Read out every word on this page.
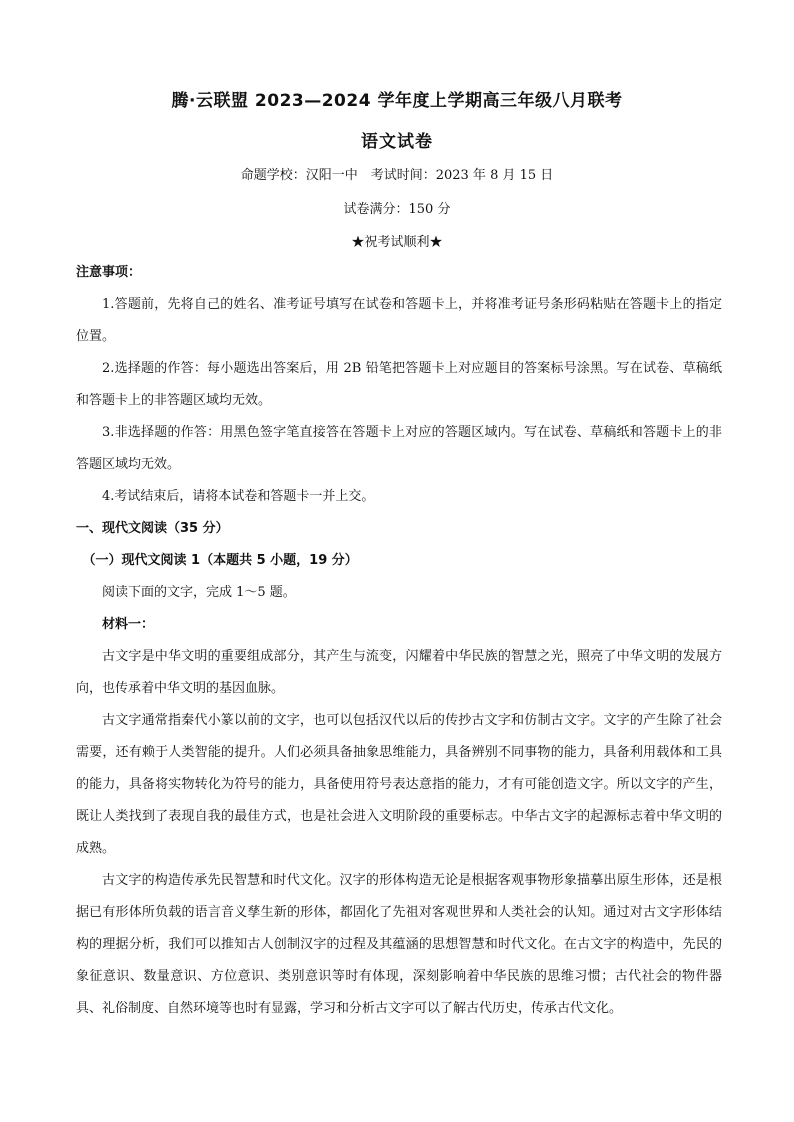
腾·云联盟 2023—2024 学年度上学期高三年级八月联考
语文试卷
命题学校：汉阳一中　考试时间：2023 年 8 月 15 日
试卷满分：150 分
★祝考试顺利★

注意事项：

1.答题前，先将自己的姓名、准考证号填写在试卷和答题卡上，并将准考证号条形码粘贴在答题卡上的指定位置。

2.选择题的作答：每小题选出答案后，用 2B 铅笔把答题卡上对应题目的答案标号涂黑。写在试卷、草稿纸和答题卡上的非答题区域均无效。

3.非选择题的作答：用黑色签字笔直接答在答题卡上对应的答题区域内。写在试卷、草稿纸和答题卡上的非答题区域均无效。

4.考试结束后，请将本试卷和答题卡一并上交。

一、现代文阅读（35 分）

（一）现代文阅读 1（本题共 5 小题，19 分）

阅读下面的文字，完成 1～5 题。

材料一：

古文字是中华文明的重要组成部分，其产生与流变，闪耀着中华民族的智慧之光，照亮了中华文明的发展方向，也传承着中华文明的基因血脉。

古文字通常指秦代小篆以前的文字，也可以包括汉代以后的传抄古文字和仿制古文字。文字的产生除了社会需要，还有赖于人类智能的提升。人们必须具备抽象思维能力，具备辨别不同事物的能力，具备利用载体和工具的能力，具备将实物转化为符号的能力，具备使用符号表达意指的能力，才有可能创造文字。所以文字的产生，既让人类找到了表现自我的最佳方式，也是社会进入文明阶段的重要标志。中华古文字的起源标志着中华文明的成熟。

古文字的构造传承先民智慧和时代文化。汉字的形体构造无论是根据客观事物形象描摹出原生形体，还是根据已有形体所负载的语言音义孳生新的形体，都固化了先祖对客观世界和人类社会的认知。通过对古文字形体结构的理据分析，我们可以推知古人创制汉字的过程及其蕴涵的思想智慧和时代文化。在古文字的构造中，先民的象征意识、数量意识、方位意识、类别意识等时有体现，深刻影响着中华民族的思维习惯；古代社会的物件器具、礼俗制度、自然环境等也时有显露，学习和分析古文字可以了解古代历史，传承古代文化。
